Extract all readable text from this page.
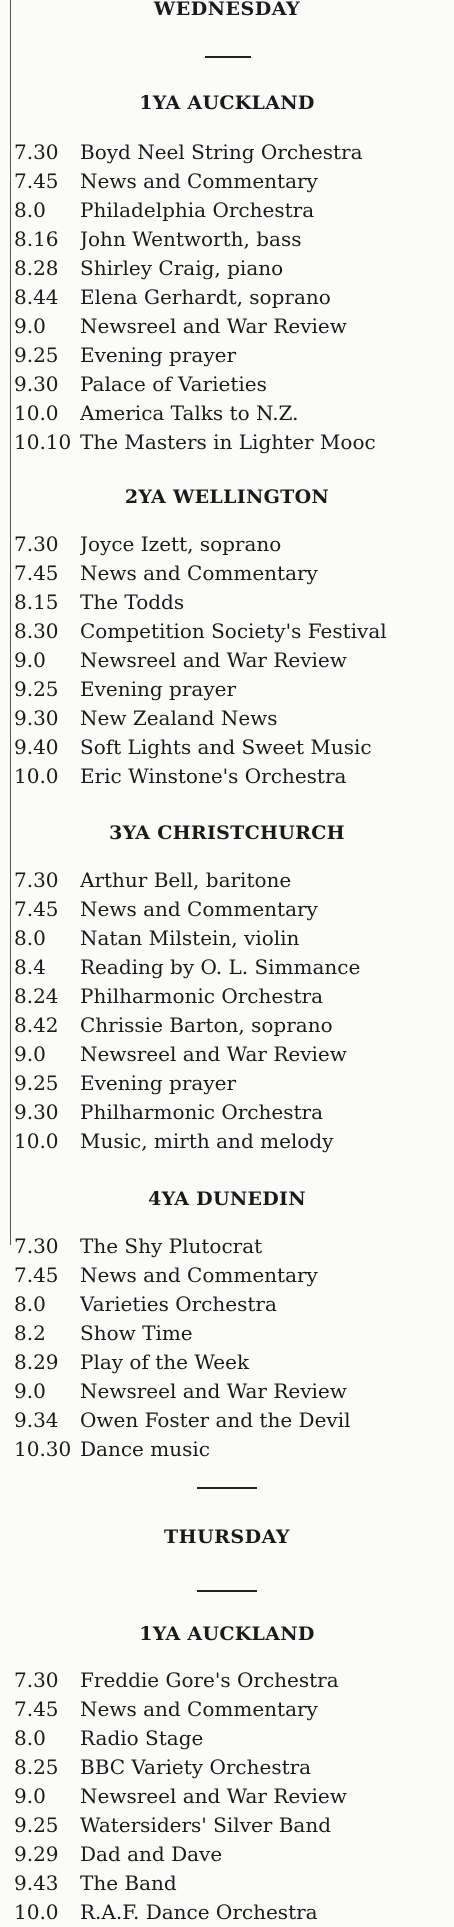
WEDNESDAY
1YA AUCKLAND
7.30 Boyd Neel String Orchestra
7.45 News and Commentary
8.0 Philadelphia Orchestra
8.16 John Wentworth, bass
8.28 Shirley Craig, piano
8.44 Elena Gerhardt, soprano
9.0 Newsreel and War Review
9.25 Evening prayer
9.30 Palace of Varieties
10.0 America Talks to N.Z.
10.10 The Masters in Lighter Mooc
2YA WELLINGTON
7.30 Joyce Izett, soprano
7.45 News and Commentary
8.15 The Todds
8.30 Competition Society's Festival
9.0 Newsreel and War Review
9.25 Evening prayer
9.30 New Zealand News
9.40 Soft Lights and Sweet Music
10.0 Eric Winstone's Orchestra
3YA CHRISTCHURCH
7.30 Arthur Bell, baritone
7.45 News and Commentary
8.0 Natan Milstein, violin
8.4 Reading by O. L. Simmance
8.24 Philharmonic Orchestra
8.42 Chrissie Barton, soprano
9.0 Newsreel and War Review
9.25 Evening prayer
9.30 Philharmonic Orchestra
10.0 Music, mirth and melody
4YA DUNEDIN
7.30 The Shy Plutocrat
7.45 News and Commentary
8.0 Varieties Orchestra
8.2 Show Time
8.29 Play of the Week
9.0 Newsreel and War Review
9.34 Owen Foster and the Devil
10.30 Dance music
THURSDAY
1YA AUCKLAND
7.30 Freddie Gore's Orchestra
7.45 News and Commentary
8.0 Radio Stage
8.25 BBC Variety Orchestra
9.0 Newsreel and War Review
9.25 Watersiders' Silver Band
9.29 Dad and Dave
9.43 The Band
10.0 R.A.F. Dance Orchestra
